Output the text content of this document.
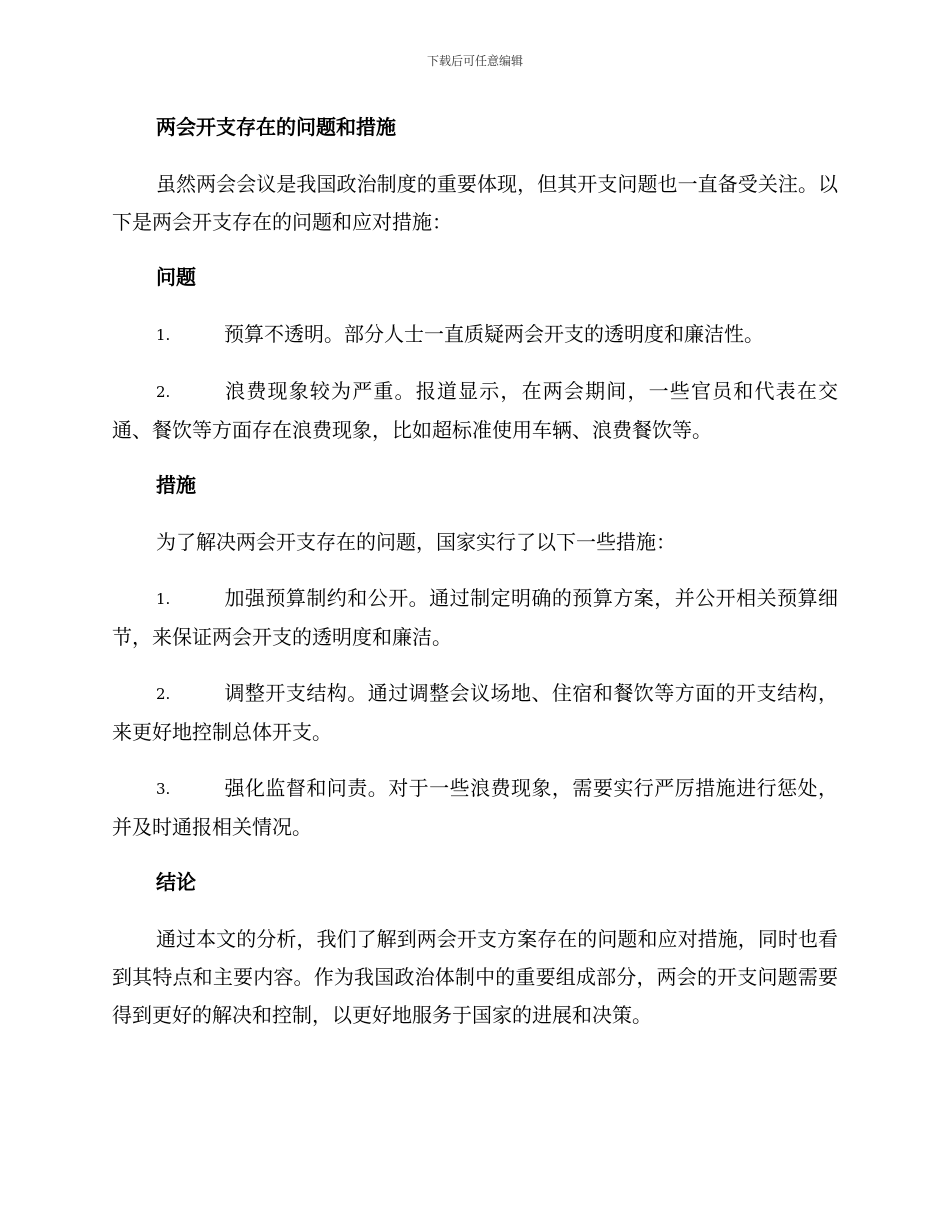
下载后可任意编辑
两会开支存在的问题和措施

虽然两会会议是我国政治制度的重要体现，但其开支问题也一直备受关注。以下是两会开支存在的问题和应对措施：

问题

1.	预算不透明。部分人士一直质疑两会开支的透明度和廉洁性。

2.	浪费现象较为严重。报道显示，在两会期间，一些官员和代表在交通、餐饮等方面存在浪费现象，比如超标准使用车辆、浪费餐饮等。

措施

为了解决两会开支存在的问题，国家实行了以下一些措施：

1.	加强预算制约和公开。通过制定明确的预算方案，并公开相关预算细节，来保证两会开支的透明度和廉洁。

2.	调整开支结构。通过调整会议场地、住宿和餐饮等方面的开支结构，来更好地控制总体开支。

3.	强化监督和问责。对于一些浪费现象，需要实行严厉措施进行惩处，并及时通报相关情况。

结论

通过本文的分析，我们了解到两会开支方案存在的问题和应对措施，同时也看到其特点和主要内容。作为我国政治体制中的重要组成部分，两会的开支问题需要得到更好的解决和控制，以更好地服务于国家的进展和决策。
